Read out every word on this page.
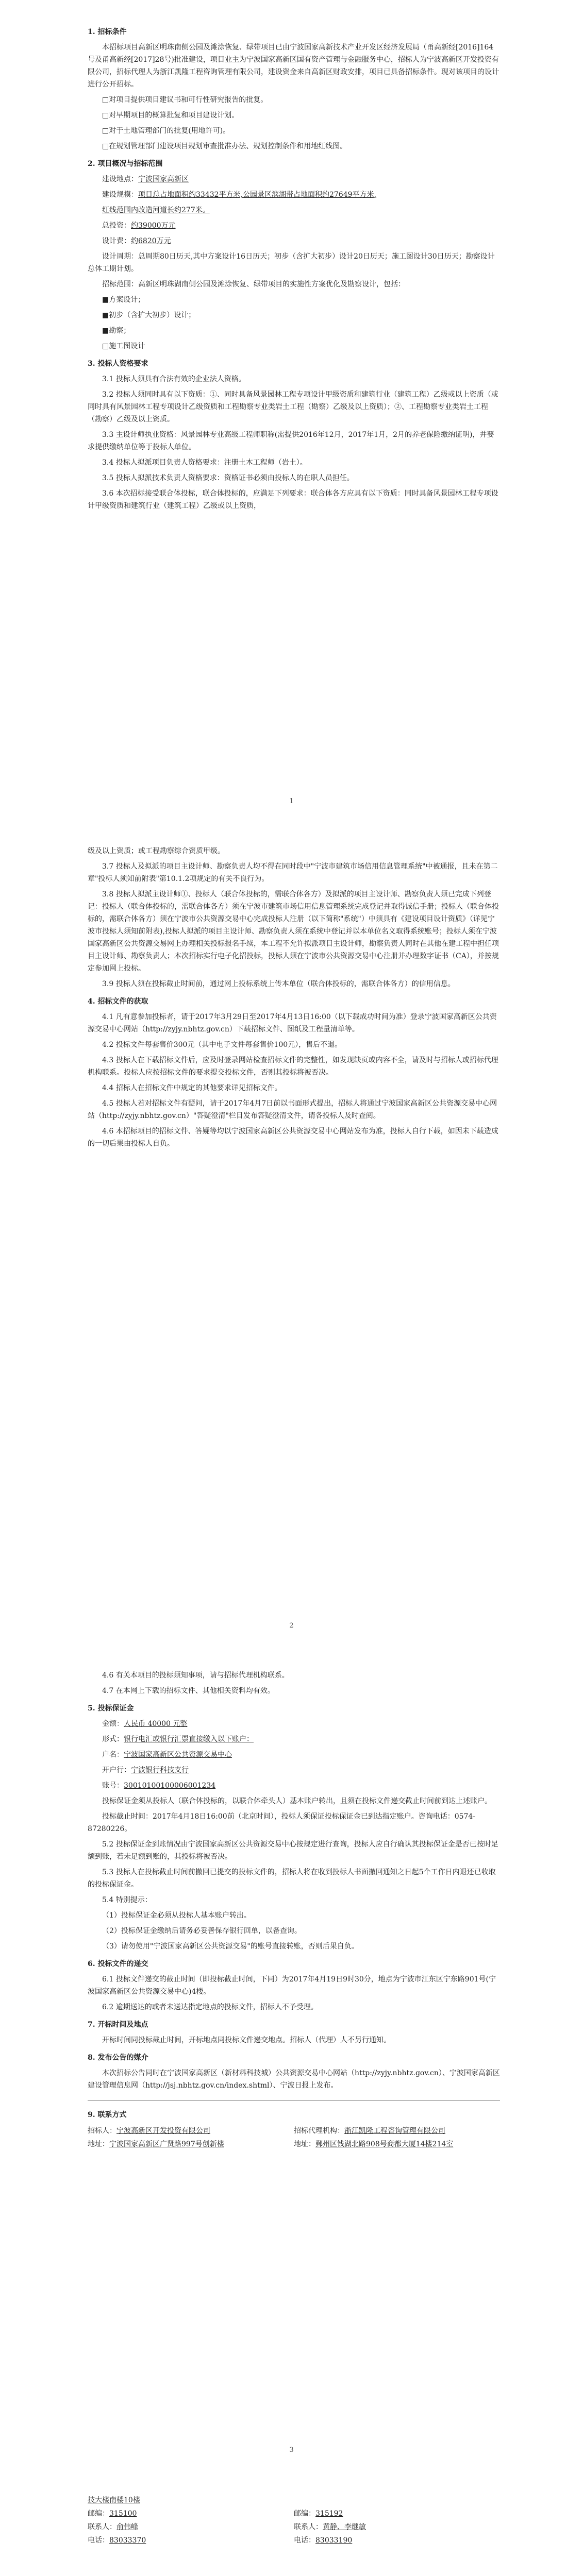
1. 招标条件

本招标项目高新区明珠南侧公园及滩涂恢复、绿带项目已由宁波国家高新技术产业开发区经济发展局（甬高新经[2016]164号及甬高新经[2017]28号)批准建设，项目业主为宁波国家高新区国有资产管理与金融服务中心，招标人为宁波高新区开发投资有限公司，招标代理人为浙江凯隆工程咨询管理有限公司，建设资金来自高新区财政安排，项目已具备招标条件。现对该项目的设计进行公开招标。

□对项目提供项目建议书和可行性研究报告的批复。

□对早期项目的概算批复和项目建设计划。

□对于土地管理部门的批复(用地许可)。

□在规划管理部门建设项目规划审查批准办法、规划控制条件和用地红线图。

2. 项目概况与招标范围

建设地点：宁波国家高新区

建设规模：项目总占地面积约33432平方米,公园景区滨湖带占地面积约27649平方米,

红线范围内改造河道长约277米。

总投资：约39000万元

设计费：约6820万元

设计周期：总周期80日历天,其中方案设计16日历天；初步（含扩大初步）设计20日历天；施工图设计30日历天；勘察设计总体工期计划。

招标范围：高新区明珠湖南侧公园及滩涂恢复、绿带项目的实施性方案优化及勘察设计，包括：

■方案设计；

■初步（含扩大初步）设计；

■勘察；

□施工图设计

3. 投标人资格要求

3.1 投标人须具有合法有效的企业法人资格。

3.2 投标人须同时具有以下资质：①、同时具备风景园林工程专项设计甲级资质和建筑行业（建筑工程）乙级或以上资质（或同时具有风景园林工程专项设计乙级资质和工程勘察专业类岩土工程（勘察）乙级及以上资质）；②、工程勘察专业类岩土工程（勘察）乙级及以上资质。

3.3 主设计师执业资格：风景园林专业高级工程师职称(需提供2016年12月，2017年1月，2月的养老保险缴纳证明)，并要求提供缴纳单位等于投标人单位。

3.4 投标人拟派项目负责人资格要求：注册土木工程师（岩土）。

3.5 投标人拟派技术负责人资格要求：资格证书必须由投标人的在职人员担任。

3.6 本次招标接受联合体投标，联合体投标的，应满足下列要求：联合体各方应具有以下资质：同时具备风景园林工程专项设计甲级资质和建筑行业（建筑工程）乙级或以上资质，

1

级及以上资质；或工程勘察综合资质甲级。

3.7 投标人及拟派的项目主设计师、勘察负责人均不得在同时段中"宁波市建筑市场信用信息管理系统"中被通报，且未在第二章"投标人须知前附表"第10.1.2项规定的有关不良行为。

3.8 投标人拟派主设计师①、投标人（联合体投标的，需联合体各方）及拟派的项目主设计师、勘察负责人须已完成下列登记：投标人（联合体投标的，需联合体各方）须在宁波市建筑市场信用信息管理系统完成登记并取得诚信手册；投标人（联合体投标的，需联合体各方）须在宁波市公共资源交易中心完成投标人注册（以下简称"系统"）中须具有《建设项目设计资质》（详见宁波市投标人须知前附表),投标人拟派的项目主设计师、勘察负责人须在系统中登记并以本单位名义取得系统账号；投标人须在宁波国家高新区公共资源交易网上办理相关投标报名手续，本工程不允许拟派项目主设计师，勘察负责人同时在其他在建工程中担任项目主设计师、勘察负责人；本次招标实行电子化招投标，投标人须在宁波市公共资源交易中心注册并办理数字证书（CA），并按规定参加网上投标。

3.9 投标人须在投标截止时间前，通过网上投标系统上传本单位（联合体投标的，需联合体各方）的信用信息。

4. 招标文件的获取

4.1 凡有意参加投标者，请于2017年3月29日至2017年4月13日16:00（以下载成功时间为准）登录宁波国家高新区公共资源交易中心网站（http://zyjy.nbhtz.gov.cn）下载招标文件、图纸及工程量清单等。

4.2 投标文件每套售价300元（其中电子文件每套售价100元），售后不退。

4.3 投标人在下载招标文件后，应及时登录网站检查招标文件的完整性，如发现缺页或内容不全，请及时与招标人或招标代理机构联系。投标人应按招标文件的要求提交投标文件，否则其投标将被否决。

4.4 招标人在招标文件中规定的其他要求详见招标文件。

4.5 投标人若对招标文件有疑问，请于2017年4月7日前以书面形式提出，招标人将通过宁波国家高新区公共资源交易中心网站（http://zyjy.nbhtz.gov.cn）"答疑澄清"栏目发布答疑澄清文件，请各投标人及时查阅。

4.6 本招标项目的招标文件、答疑等均以宁波国家高新区公共资源交易中心网站发布为准，投标人自行下载，如因未下载造成的一切后果由投标人自负。

2

4.6 有关本项目的投标须知事项，请与招标代理机构联系。

4.7 在本网上下载的招标文件、其他相关资料均有效。

5. 投标保证金

金额：人民币 40000 元整

形式：银行电汇或银行汇票直接缴入以下账户：

户名：宁波国家高新区公共资源交易中心

开户行：宁波银行科技支行

账号：30010100100006001234

投标保证金须从投标人（联合体投标的，以联合体牵头人）基本账户转出，且须在投标文件递交截止时间前到达上述账户。

投标截止时间：2017年4月18日16:00前（北京时间），投标人须保证投标保证金已到达指定账户。咨询电话：0574-87280226。

5.2 投标保证金到账情况由宁波国家高新区公共资源交易中心按规定进行查询，投标人应自行确认其投标保证金是否已按时足额到账，若未足额到账的，其投标将被否决。

5.3 投标人在投标截止时间前撤回已提交的投标文件的，招标人将在收到投标人书面撤回通知之日起5个工作日内退还已收取的投标保证金。

5.4 特别提示：

（1）投标保证金必须从投标人基本账户转出。

（2）投标保证金缴纳后请务必妥善保存银行回单，以备查询。

（3）请勿使用"宁波国家高新区公共资源交易"的账号直接转账，否则后果自负。

6. 投标文件的递交

6.1 投标文件递交的截止时间（即投标截止时间，下同）为2017年4月19日9时30分，地点为宁波市江东区宁东路901号(宁波国家高新区公共资源交易中心)4楼。

6.2 逾期送达的或者未送达指定地点的投标文件，招标人不予受理。

7. 开标时间及地点

开标时间同投标截止时间，开标地点同投标文件递交地点。招标人（代理）人不另行通知。

8. 发布公告的媒介

本次招标公告同时在宁波国家高新区（新材料科技城）公共资源交易中心网站（http://zyjy.nbhtz.gov.cn）、宁波国家高新区建设管理信息网（http://jsj.nbhtz.gov.cn/index.shtml）、宁波日报上发布。

9. 联系方式

招标人：宁波高新区开发投资有限公司	招标代理机构：浙江凯隆工程咨询管理有限公司
地址：宁波国家高新区广贤路997号创新楼	地址：鄞州区钱湖北路908号商都大厦14楼214室
3
技大楼南楼10楼
邮编：315100	邮编：315192
联系人：俞伟峰	联系人：黄静、李继敏
电话：83033370	电话：83033190
